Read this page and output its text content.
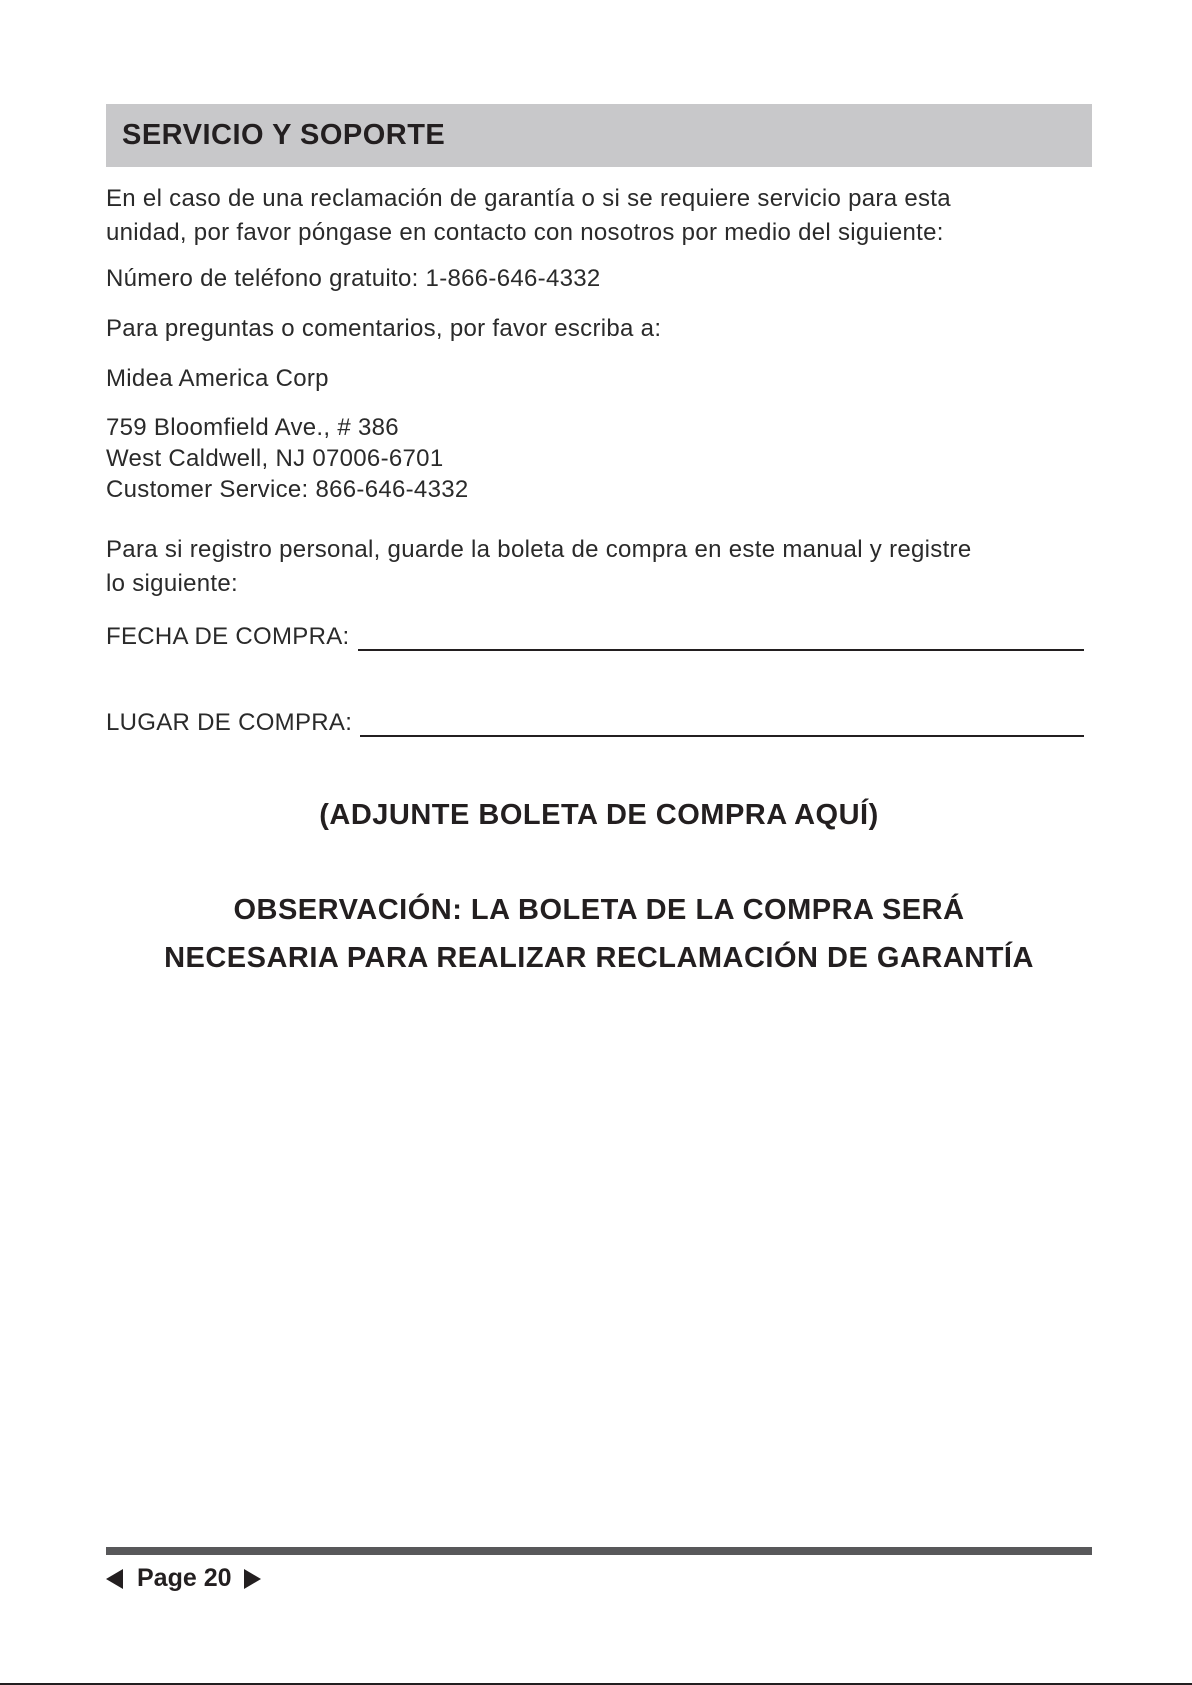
SERVICIO Y SOPORTE

En el caso de una reclamación de garantía o si se requiere servicio para esta
unidad, por favor póngase en contacto con nosotros por medio del siguiente:

Número de teléfono gratuito: 1-866-646-4332

Para preguntas o comentarios, por favor escriba a:

Midea America Corp

759 Bloomfield Ave., # 386
West Caldwell, NJ 07006-6701
Customer Service: 866-646-4332

Para si registro personal, guarde la boleta de compra en este manual y registre
lo siguiente:

FECHA DE COMPRA:
LUGAR DE COMPRA:
(ADJUNTE BOLETA DE COMPRA AQUÍ)
OBSERVACIÓN: LA BOLETA DE LA COMPRA SERÁ
NECESARIA PARA REALIZAR RECLAMACIÓN DE GARANTÍA
Page 20
